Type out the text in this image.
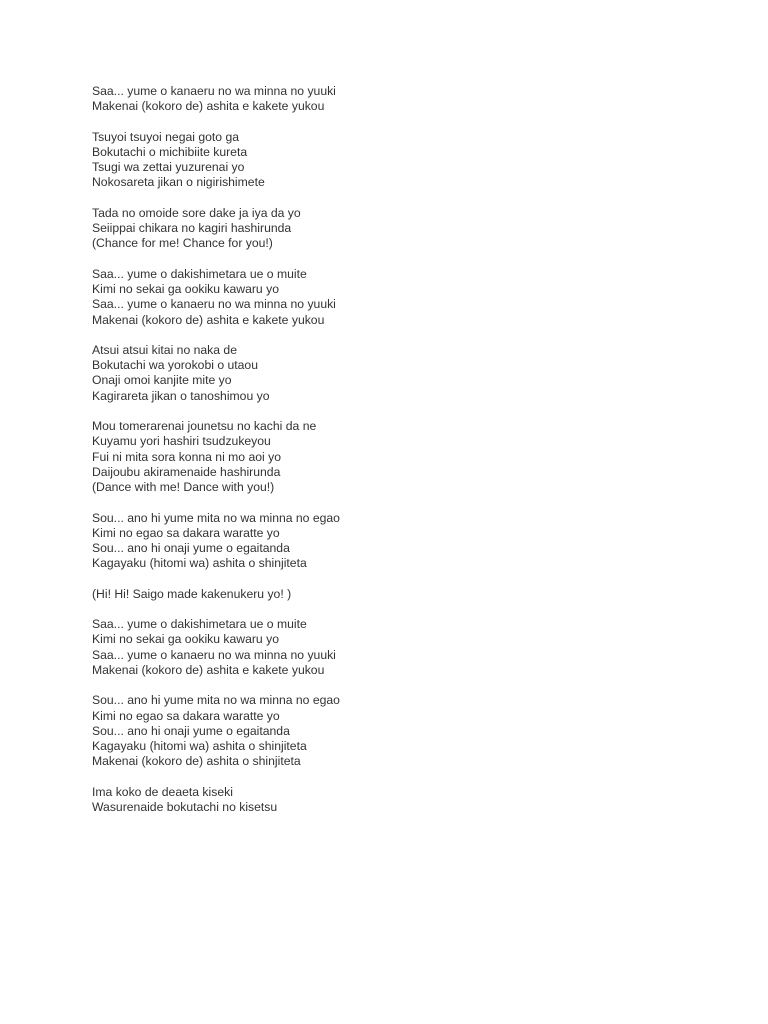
Saa... yume o kanaeru no wa minna no yuuki
Makenai (kokoro de) ashita e kakete yukou
Tsuyoi tsuyoi negai goto ga
Bokutachi o michibiite kureta
Tsugi wa zettai yuzurenai yo
Nokosareta jikan o nigirishimete
Tada no omoide sore dake ja iya da yo
Seiippai chikara no kagiri hashirunda
(Chance for me! Chance for you!)
Saa... yume o dakishimetara ue o muite
Kimi no sekai ga ookiku kawaru yo
Saa... yume o kanaeru no wa minna no yuuki
Makenai (kokoro de) ashita e kakete yukou
Atsui atsui kitai no naka de
Bokutachi wa yorokobi o utaou
Onaji omoi kanjite mite yo
Kagirareta jikan o tanoshimou yo
Mou tomerarenai jounetsu no kachi da ne
Kuyamu yori hashiri tsudzukeyou
Fui ni mita sora konna ni mo aoi yo
Daijoubu akiramenaide hashirunda
(Dance with me! Dance with you!)
Sou... ano hi yume mita no wa minna no egao
Kimi no egao sa dakara waratte yo
Sou... ano hi onaji yume o egaitanda
Kagayaku (hitomi wa) ashita o shinjiteta
(Hi! Hi! Saigo made kakenukeru yo! )
Saa... yume o dakishimetara ue o muite
Kimi no sekai ga ookiku kawaru yo
Saa... yume o kanaeru no wa minna no yuuki
Makenai (kokoro de) ashita e kakete yukou
Sou... ano hi yume mita no wa minna no egao
Kimi no egao sa dakara waratte yo
Sou... ano hi onaji yume o egaitanda
Kagayaku (hitomi wa) ashita o shinjiteta
Makenai (kokoro de) ashita o shinjiteta
Ima koko de deaeta kiseki
Wasurenaide bokutachi no kisetsu
